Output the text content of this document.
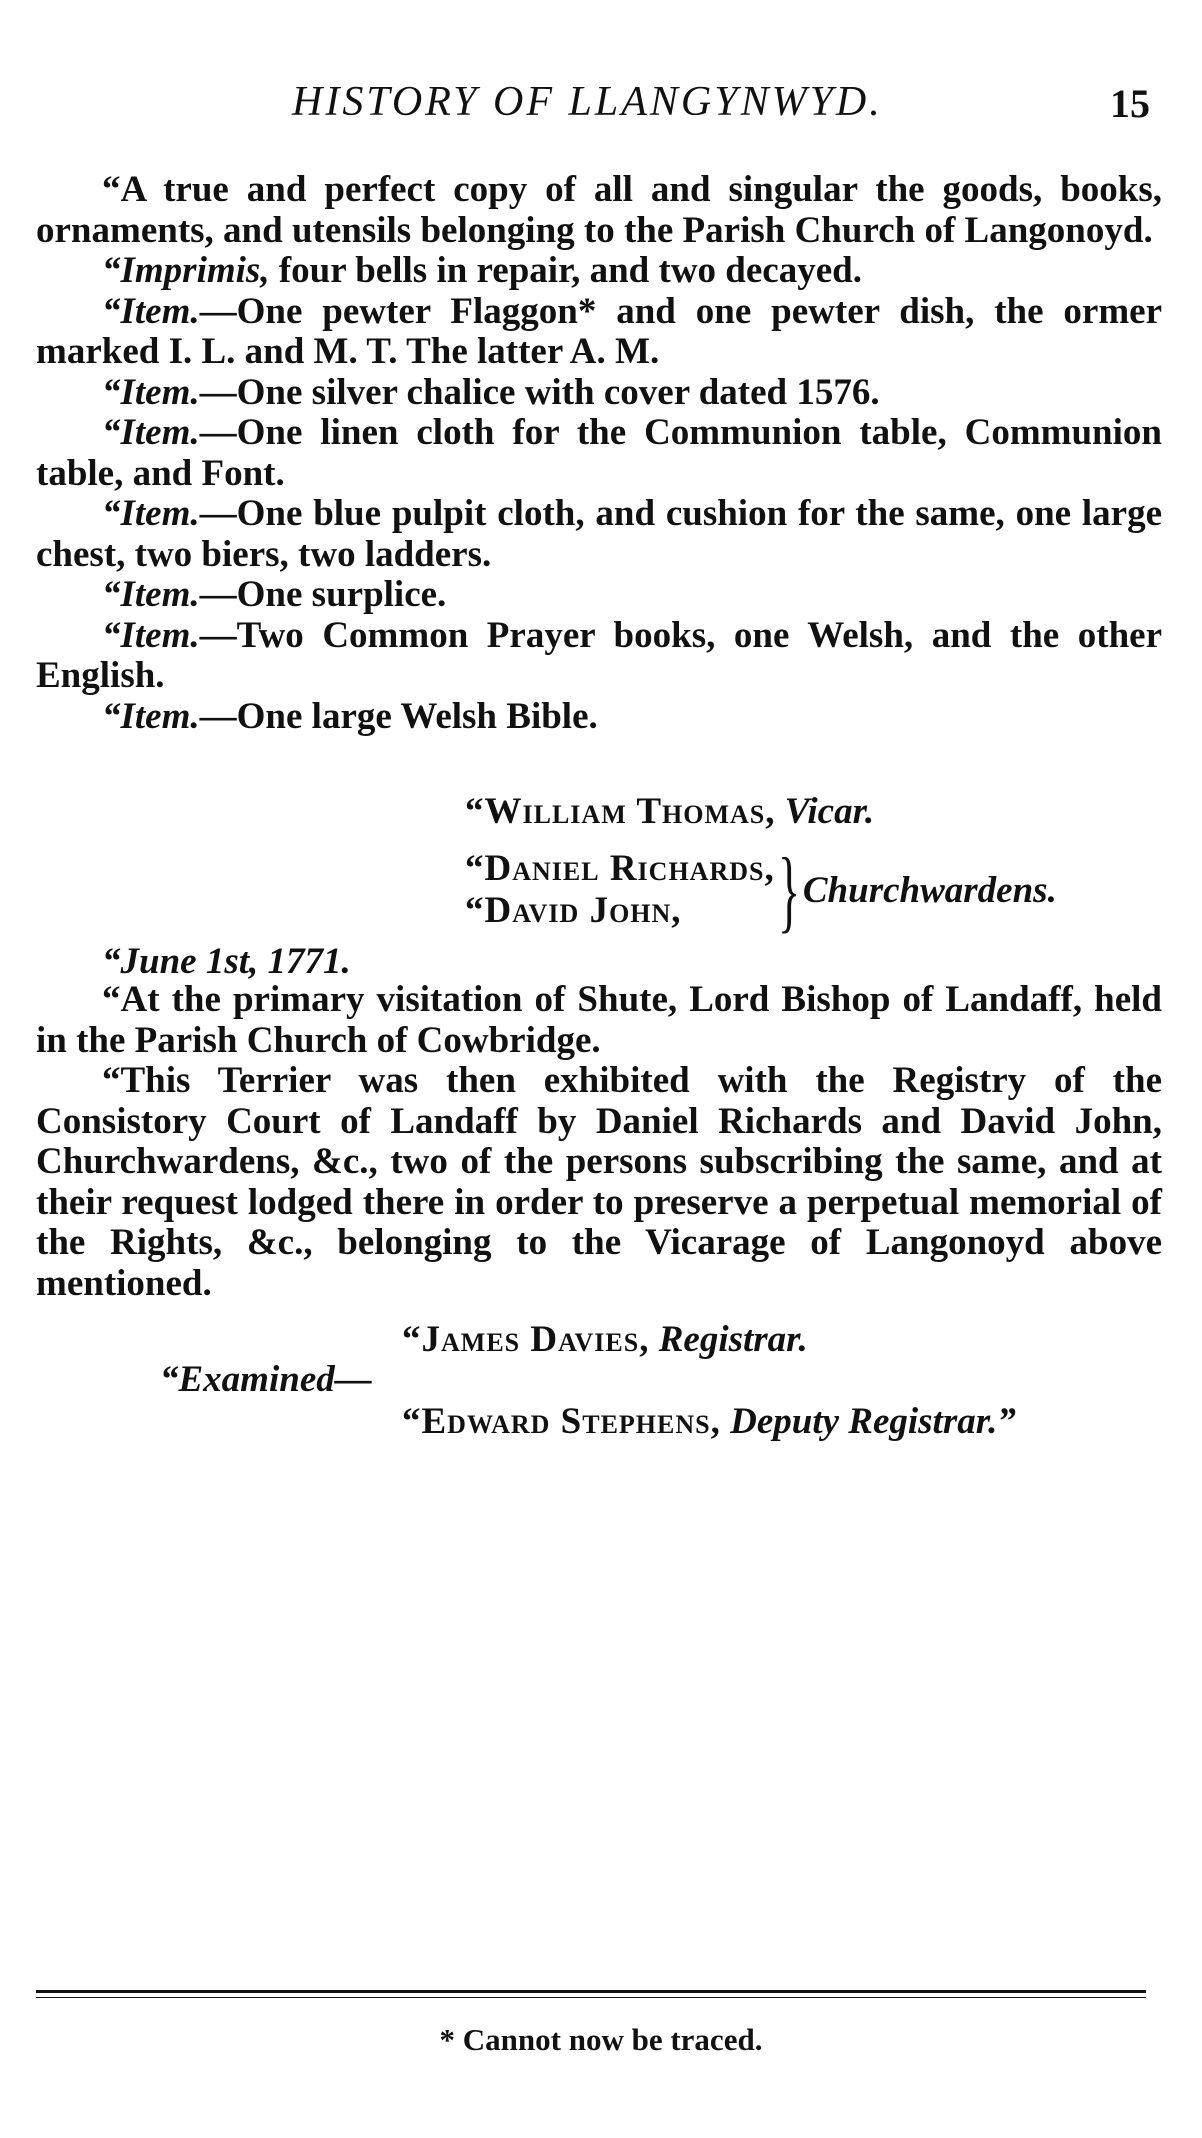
HISTORY OF LLANGYNWYD.	15

“A true and perfect copy of all and singular the goods, books, ornaments, and utensils belonging to the Parish Church of Langonoyd.

“Imprimis, four bells in repair, and two decayed.

“Item.—One pewter Flaggon* and one pewter dish, the ormer marked I. L. and M. T. The latter A. M.

“Item.—One silver chalice with cover dated 1576.

“Item.—One linen cloth for the Communion table, Communion table, and Font.

“Item.—One blue pulpit cloth, and cushion for the same, one large chest, two biers, two ladders.

“Item.—One surplice.

“Item.—Two Common Prayer books, one Welsh, and the other English.

“Item.—One large Welsh Bible.

“William Thomas, Vicar.
“Daniel Richards,
“David John,	}Churchwardens.
“June 1st, 1771.

“At the primary visitation of Shute, Lord Bishop of Landaff, held in the Parish Church of Cowbridge.

“This Terrier was then exhibited with the Registry of the Consistory Court of Landaff by Daniel Richards and David John, Churchwardens, &c., two of the persons subscribing the same, and at their request lodged there in order to preserve a perpetual memorial of the Rights, &c., belonging to the Vicarage of Langonoyd above mentioned.

“James Davies, Registrar.
“Examined—
“Edward Stephens, Deputy Registrar.”
* Cannot now be traced.
